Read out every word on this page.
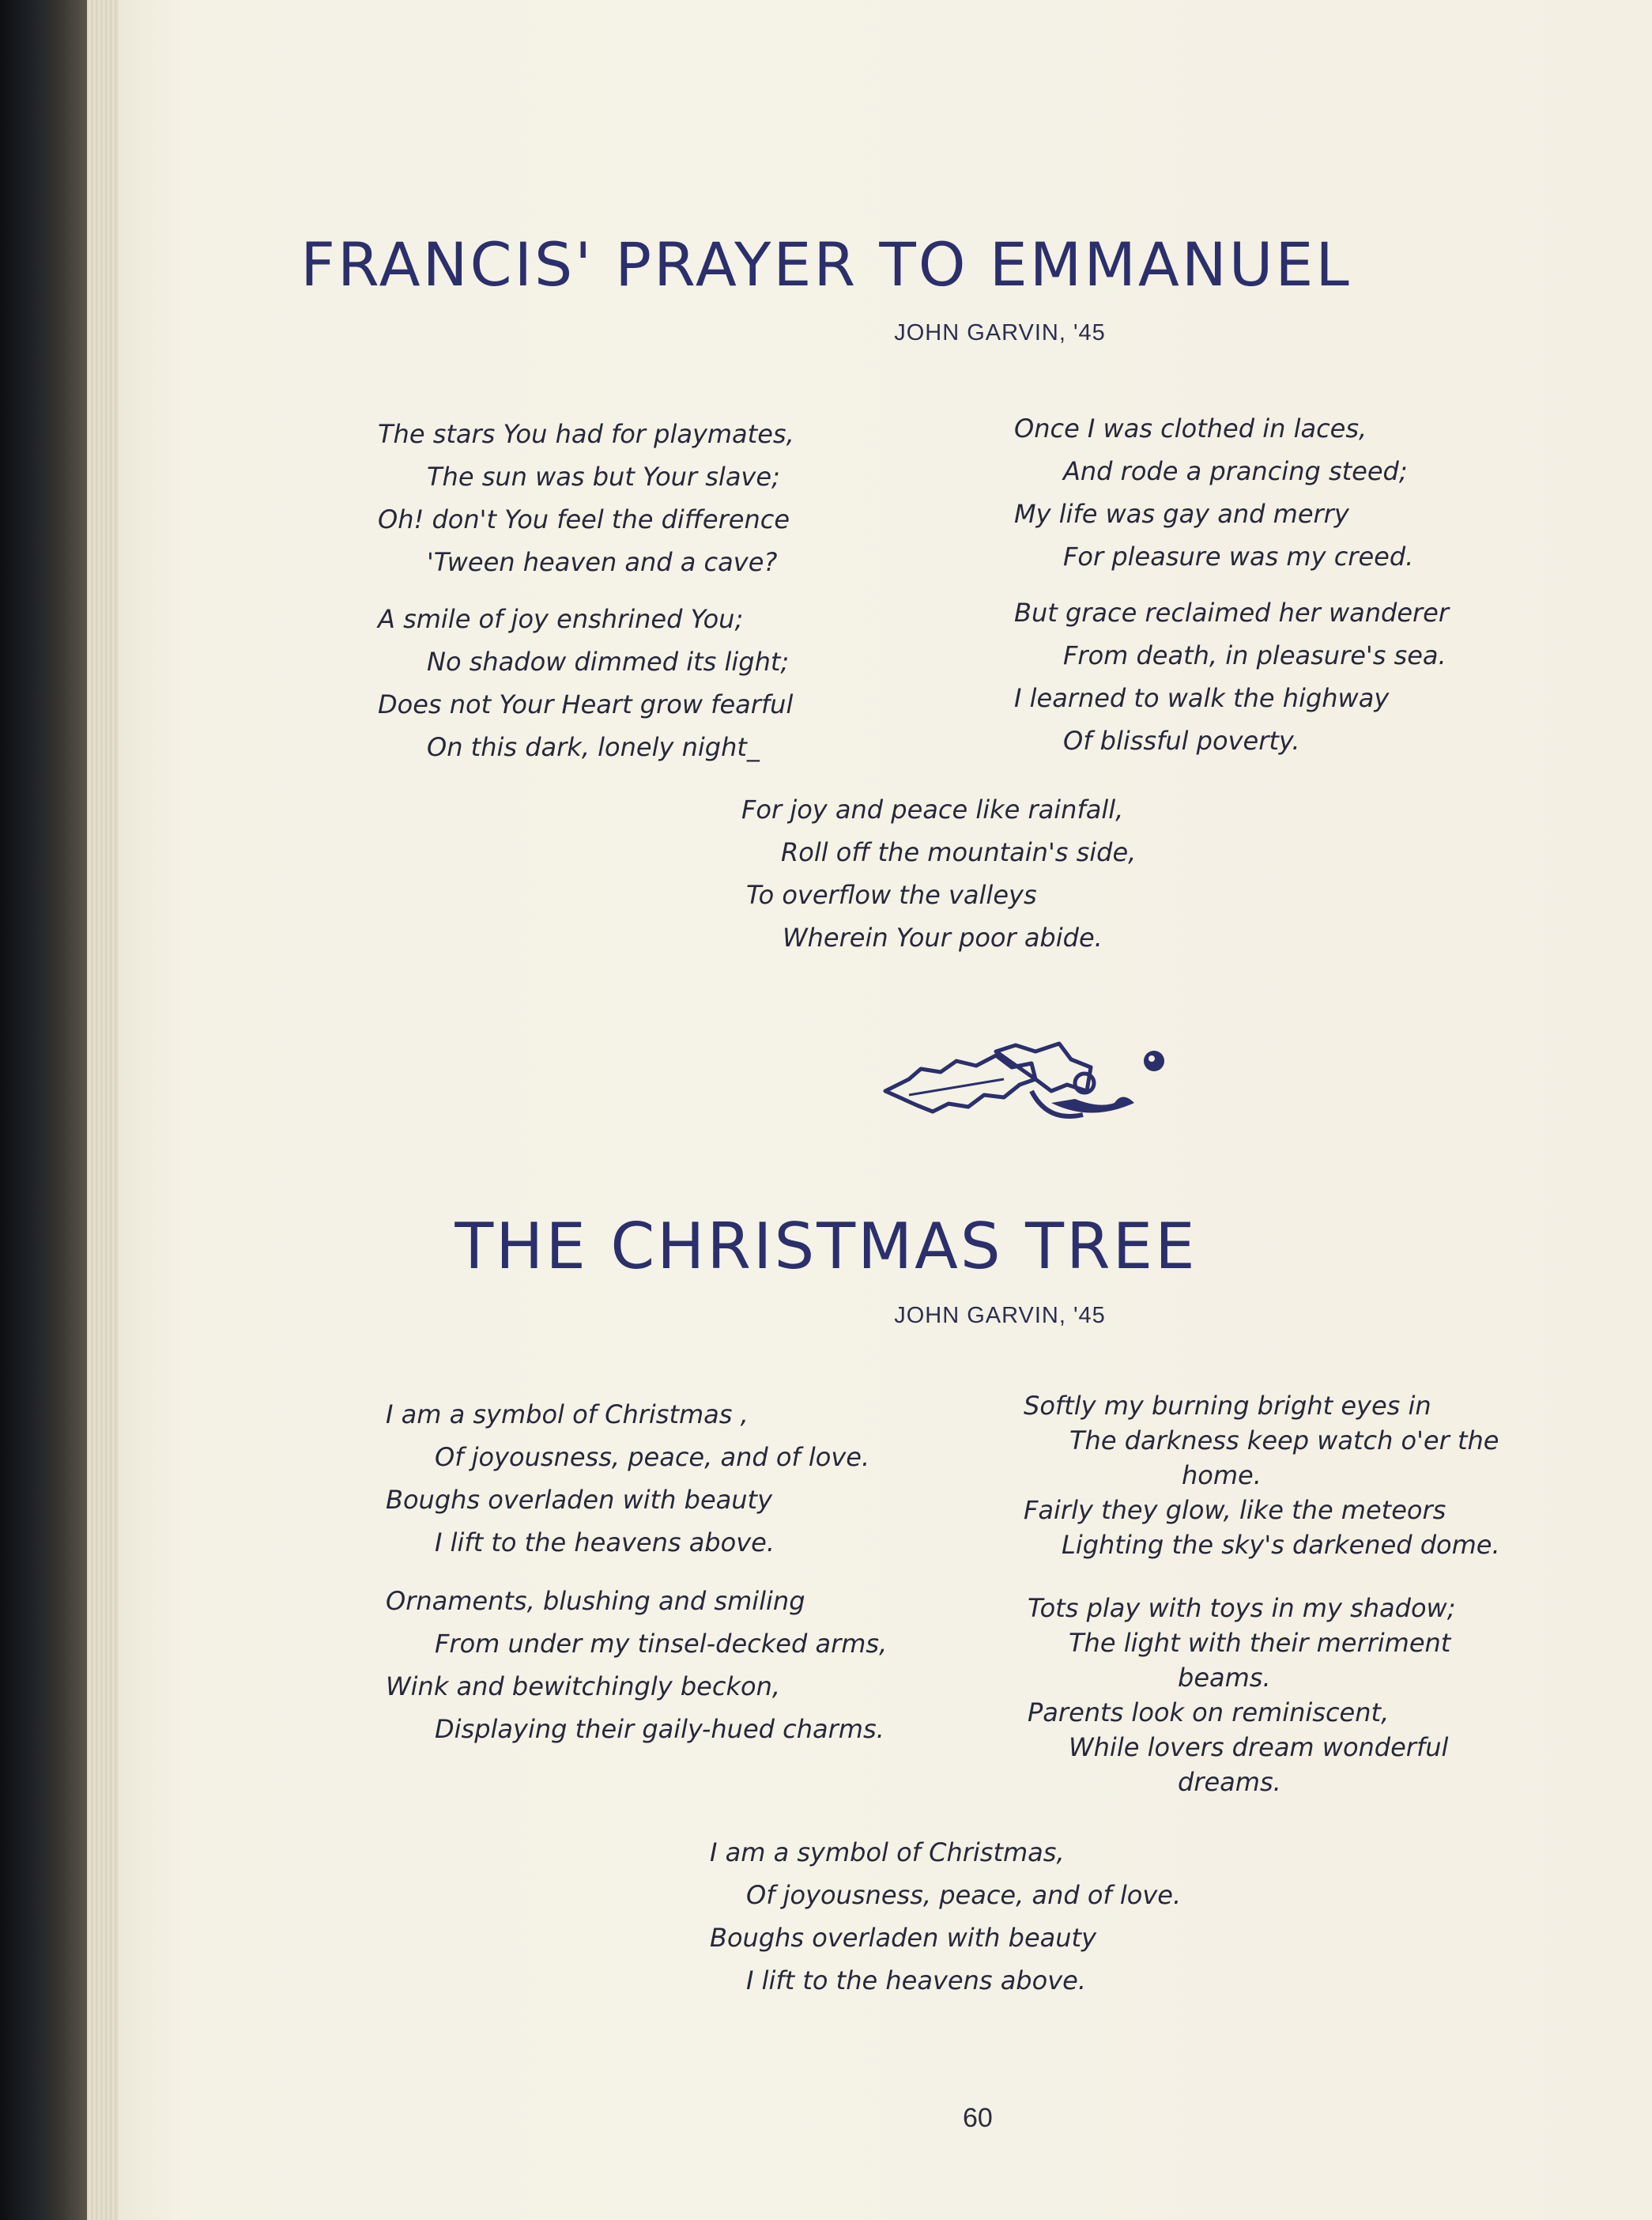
FRANCIS' PRAYER TO EMMANUEL
JOHN GARVIN, '45
The stars You had for playmates,
The sun was but Your slave;
Oh! don't You feel the difference
'Tween heaven and a cave?
A smile of joy enshrined You;
No shadow dimmed its light;
Does not Your Heart grow fearful
On this dark, lonely night_
Once I was clothed in laces,
And rode a prancing steed;
My life was gay and merry
For pleasure was my creed.
But grace reclaimed her wanderer
From death, in pleasure's sea.
I learned to walk the highway
Of blissful poverty.
For joy and peace like rainfall,
Roll off the mountain's side,
To overflow the valleys
Wherein Your poor abide.
THE CHRISTMAS TREE
JOHN GARVIN, '45
I am a symbol of Christmas ,
Of joyousness, peace, and of love.
Boughs overladen with beauty
I lift to the heavens above.
Ornaments, blushing and smiling
From under my tinsel-decked arms,
Wink and bewitchingly beckon,
Displaying their gaily-hued charms.
Softly my burning bright eyes in
The darkness keep watch o'er the
home.
Fairly they glow, like the meteors
Lighting the sky's darkened dome.
Tots play with toys in my shadow;
The light with their merriment
beams.
Parents look on reminiscent,
While lovers dream wonderful
dreams.
I am a symbol of Christmas,
Of joyousness, peace, and of love.
Boughs overladen with beauty
I lift to the heavens above.
60
